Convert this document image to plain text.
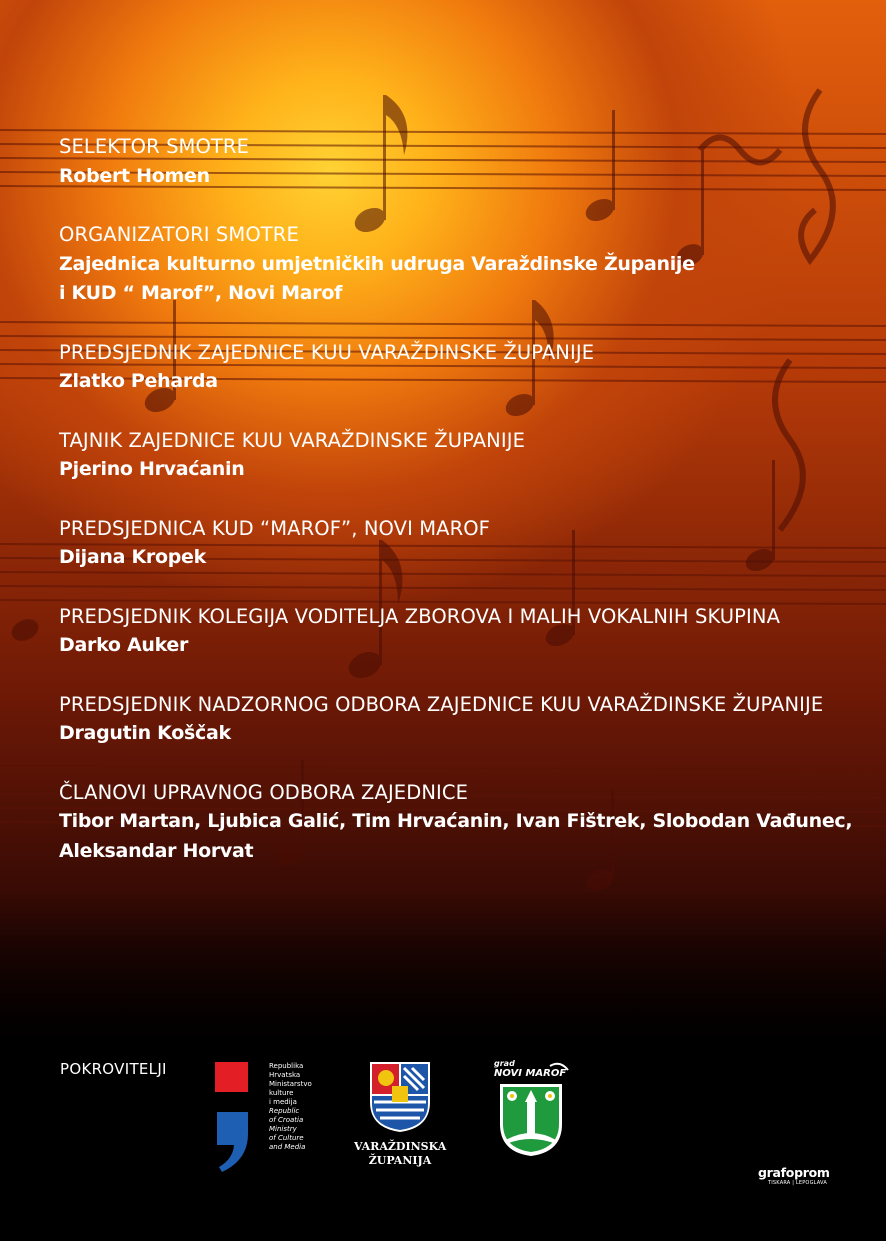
SELEKTOR SMOTRE
Robert Homen
ORGANIZATORI SMOTRE
Zajednica kulturno umjetničkih udruga Varaždinske Županije
i KUD “ Marof”, Novi Marof
PREDSJEDNIK ZAJEDNICE KUU VARAŽDINSKE ŽUPANIJE
Zlatko Peharda
TAJNIK ZAJEDNICE KUU VARAŽDINSKE ŽUPANIJE
Pjerino Hrvaćanin
PREDSJEDNICA KUD “MAROF”, NOVI MAROF
Dijana Kropek
PREDSJEDNIK KOLEGIJA VODITELJA ZBOROVA I MALIH VOKALNIH SKUPINA
Darko Auker
PREDSJEDNIK NADZORNOG ODBORA ZAJEDNICE KUU VARAŽDINSKE ŽUPANIJE
Dragutin Koščak
ČLANOVI UPRAVNOG ODBORA ZAJEDNICE
Tibor Martan, Ljubica Galić, Tim Hrvaćanin, Ivan Fištrek, Slobodan Vađunec,
Aleksandar Horvat
POKROVITELJI	Republika
Hrvatska
Ministarstvo
kulture
i medija
Republic
of Croatia
Ministry
of Culture
and Media	VARAŽDINSKA
ŽUPANIJA
grad
NOVI MAROF
grafoprom
TISKARA | LEPOGLAVA
